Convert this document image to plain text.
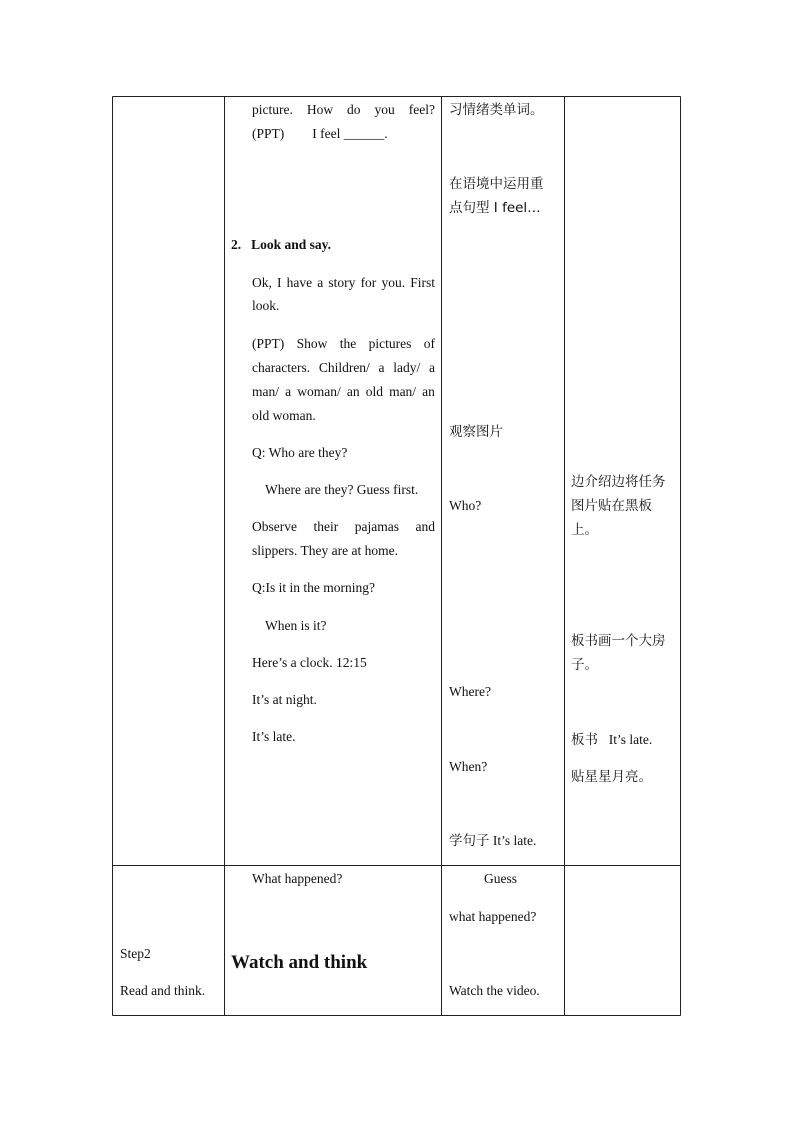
picture. How do you feel?
(PPT) I feel ______.
2. Look and say.
Ok, I have a story for you. First
look.
(PPT) Show the pictures of
characters. Children/ a lady/ a
man/ a woman/ an old man/ an
old woman.
Q: Who are they?
Where are they? Guess first.
Observe their pajamas and
slippers. They are at home.
Q:Is it in the morning?
When is it?
Here’s a clock. 12:15
It’s at night.
It’s late.
习情绪类单词。
在语境中运用重
点句型 I feel…
观察图片
Who?
Where?
When?
学句子 It’s late.
边介绍边将任务
图片贴在黑板
上。
板书画一个大房
子。
板书 It’s late.
贴星星月亮。
Step2
Read and think.
What happened?
Watch and think
Guess
what happened?
Watch the video.
